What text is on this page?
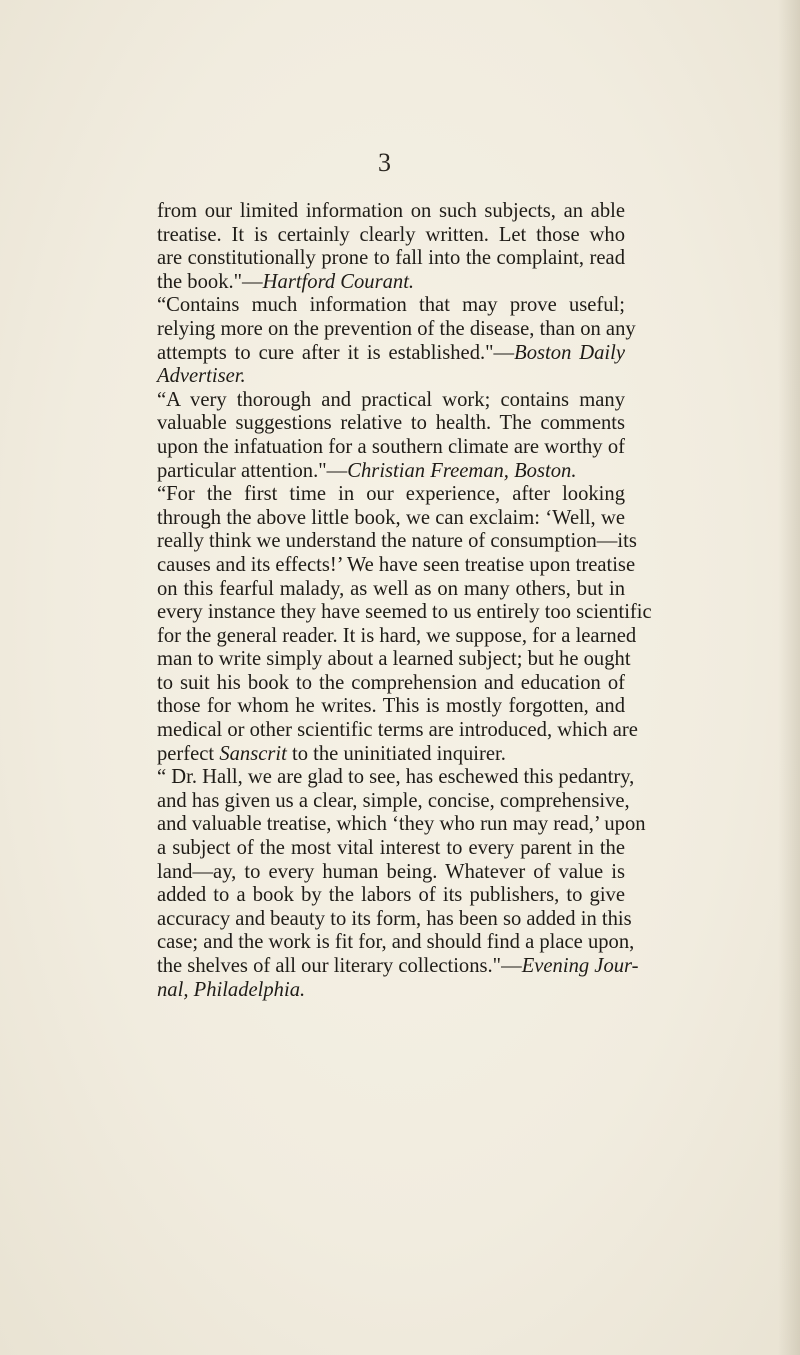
3
from our limited information on such subjects, an able
treatise. It is certainly clearly written. Let those who
are constitutionally prone to fall into the complaint, read
the book."—Hartford Courant.
“Contains much information that may prove useful;
relying more on the prevention of the disease, than on any
attempts to cure after it is established."—Boston Daily
Advertiser.
“A very thorough and practical work; contains many
valuable suggestions relative to health. The comments
upon the infatuation for a southern climate are worthy of
particular attention."—Christian Freeman, Boston.
“For the first time in our experience, after looking
through the above little book, we can exclaim: ‘Well, we
really think we understand the nature of consumption—its
causes and its effects!’ We have seen treatise upon treatise
on this fearful malady, as well as on many others, but in
every instance they have seemed to us entirely too scientific
for the general reader. It is hard, we suppose, for a learned
man to write simply about a learned subject; but he ought
to suit his book to the comprehension and education of
those for whom he writes. This is mostly forgotten, and
medical or other scientific terms are introduced, which are
perfect Sanscrit to the uninitiated inquirer.
“ Dr. Hall, we are glad to see, has eschewed this pedantry,
and has given us a clear, simple, concise, comprehensive,
and valuable treatise, which ‘they who run may read,’ upon
a subject of the most vital interest to every parent in the
land—ay, to every human being. Whatever of value is
added to a book by the labors of its publishers, to give
accuracy and beauty to its form, has been so added in this
case; and the work is fit for, and should find a place upon,
the shelves of all our literary collections."—Evening Jour-
nal, Philadelphia.
